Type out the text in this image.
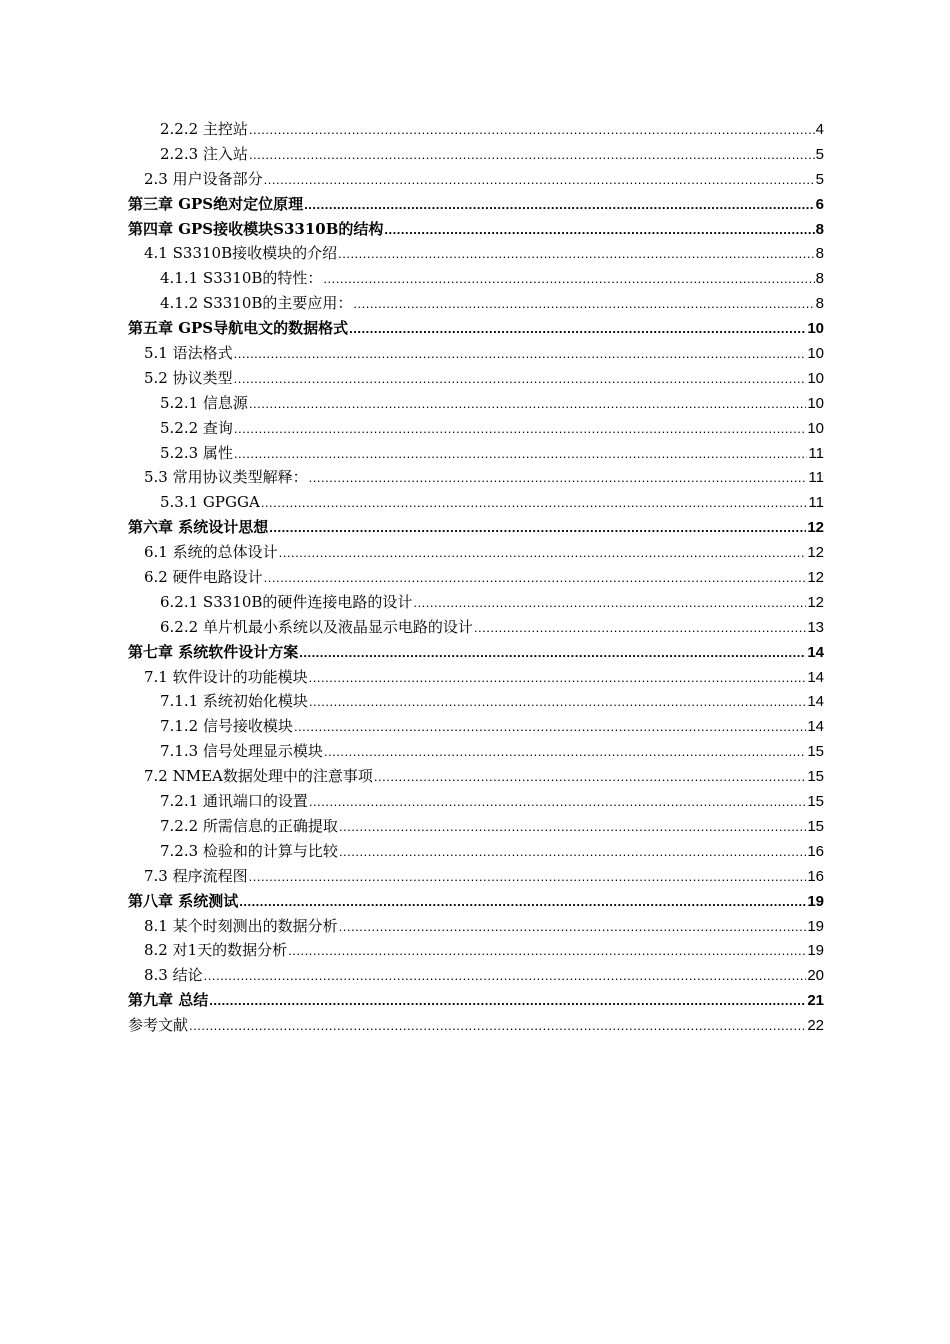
2.2.2 主控站 .....	4
2.2.3 注入站 .....	5
2.3 用户设备部分 .....	5
第三章 GPS绝对定位原理 .....	6
第四章 GPS接收模块S3310B的结构 .....	8
4.1 S3310B接收模块的介绍 .....	8
4.1.1 S3310B的特性： .....	8
4.1.2 S3310B的主要应用： .....	8
第五章 GPS导航电文的数据格式 .....	10
5.1 语法格式 .....	10
5.2 协议类型 .....	10
5.2.1 信息源 .....	10
5.2.2 查询 .....	10
5.2.3 属性 .....	11
5.3 常用协议类型解释： .....	11
5.3.1 GPGGA .....	11
第六章 系统设计思想 .....	12
6.1 系统的总体设计 .....	12
6.2 硬件电路设计 .....	12
6.2.1 S3310B的硬件连接电路的设计 .....	12
6.2.2 单片机最小系统以及液晶显示电路的设计 .....	13
第七章 系统软件设计方案 .....	14
7.1 软件设计的功能模块 .....	14
7.1.1 系统初始化模块 .....	14
7.1.2 信号接收模块 .....	14
7.1.3 信号处理显示模块 .....	15
7.2 NMEA数据处理中的注意事项 .....	15
7.2.1 通讯端口的设置 .....	15
7.2.2 所需信息的正确提取 .....	15
7.2.3 检验和的计算与比较 .....	16
7.3 程序流程图 .....	16
第八章 系统测试 .....	19
8.1 某个时刻测出的数据分析 .....	19
8.2 对1天的数据分析 .....	19
8.3 结论 .....	20
第九章 总结 .....	21
参考文献 .....	22
